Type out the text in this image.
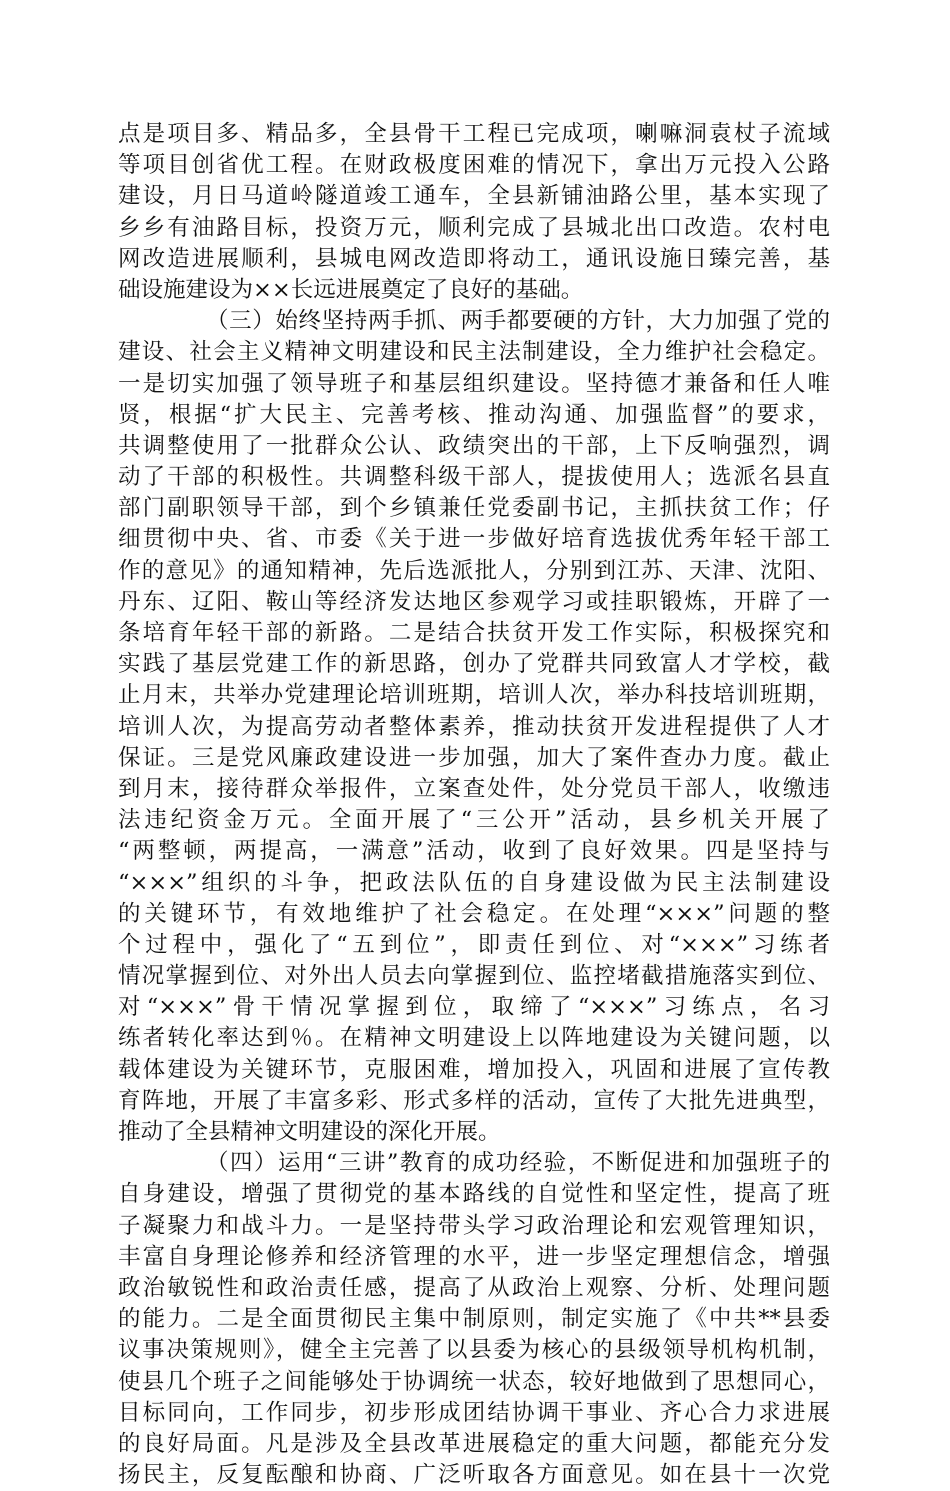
点是项目多、精品多，全县骨干工程已完成项，喇嘛洞袁杖子流域
等项目创省优工程。在财政极度困难的情况下，拿出万元投入公路
建设，月日马道岭隧道竣工通车，全县新铺油路公里，基本实现了
乡乡有油路目标，投资万元，顺利完成了县城北出口改造。农村电
网改造进展顺利，县城电网改造即将动工，通讯设施日臻完善，基
础设施建设为××长远进展奠定了良好的基础。
（三）始终坚持两手抓、两手都要硬的方针，大力加强了党的
建设、社会主义精神文明建设和民主法制建设，全力维护社会稳定。
一是切实加强了领导班子和基层组织建设。坚持德才兼备和任人唯
贤，根据“扩大民主、完善考核、推动沟通、加强监督”的要求，
共调整使用了一批群众公认、政绩突出的干部，上下反响强烈，调
动了干部的积极性。共调整科级干部人，提拔使用人；选派名县直
部门副职领导干部，到个乡镇兼任党委副书记，主抓扶贫工作；仔
细贯彻中央、省、市委《关于进一步做好培育选拔优秀年轻干部工
作的意见》的通知精神，先后选派批人，分别到江苏、天津、沈阳、
丹东、辽阳、鞍山等经济发达地区参观学习或挂职锻炼，开辟了一
条培育年轻干部的新路。二是结合扶贫开发工作实际，积极探究和
实践了基层党建工作的新思路，创办了党群共同致富人才学校，截
止月末，共举办党建理论培训班期，培训人次，举办科技培训班期，
培训人次，为提高劳动者整体素养，推动扶贫开发进程提供了人才
保证。三是党风廉政建设进一步加强，加大了案件查办力度。截止
到月末，接待群众举报件，立案查处件，处分党员干部人，收缴违
法违纪资金万元。全面开展了“三公开”活动，县乡机关开展了
“两整顿，两提高，一满意”活动，收到了良好效果。四是坚持与
“×××”组织的斗争，把政法队伍的自身建设做为民主法制建设
的关键环节，有效地维护了社会稳定。在处理“×××”问题的整
个过程中，强化了“五到位”，即责任到位、对“×××”习练者
情况掌握到位、对外出人员去向掌握到位、监控堵截措施落实到位、
对“×××”骨干情况掌握到位，取缔了“×××”习练点，名习
练者转化率达到％。在精神文明建设上以阵地建设为关键问题，以
载体建设为关键环节，克服困难，增加投入，巩固和进展了宣传教
育阵地，开展了丰富多彩、形式多样的活动，宣传了大批先进典型，
推动了全县精神文明建设的深化开展。
（四）运用“三讲”教育的成功经验，不断促进和加强班子的
自身建设，增强了贯彻党的基本路线的自觉性和坚定性，提高了班
子凝聚力和战斗力。一是坚持带头学习政治理论和宏观管理知识，
丰富自身理论修养和经济管理的水平，进一步坚定理想信念，增强
政治敏锐性和政治责任感，提高了从政治上观察、分析、处理问题
的能力。二是全面贯彻民主集中制原则，制定实施了《中共**县委
议事决策规则》，健全主完善了以县委为核心的县级领导机构机制，
使县几个班子之间能够处于协调统一状态，较好地做到了思想同心，
目标同向，工作同步，初步形成团结协调干事业、齐心合力求进展
的良好局面。凡是涉及全县改革进展稳定的重大问题，都能充分发
扬民主，反复酝酿和协商、广泛听取各方面意见。如在县十一次党
